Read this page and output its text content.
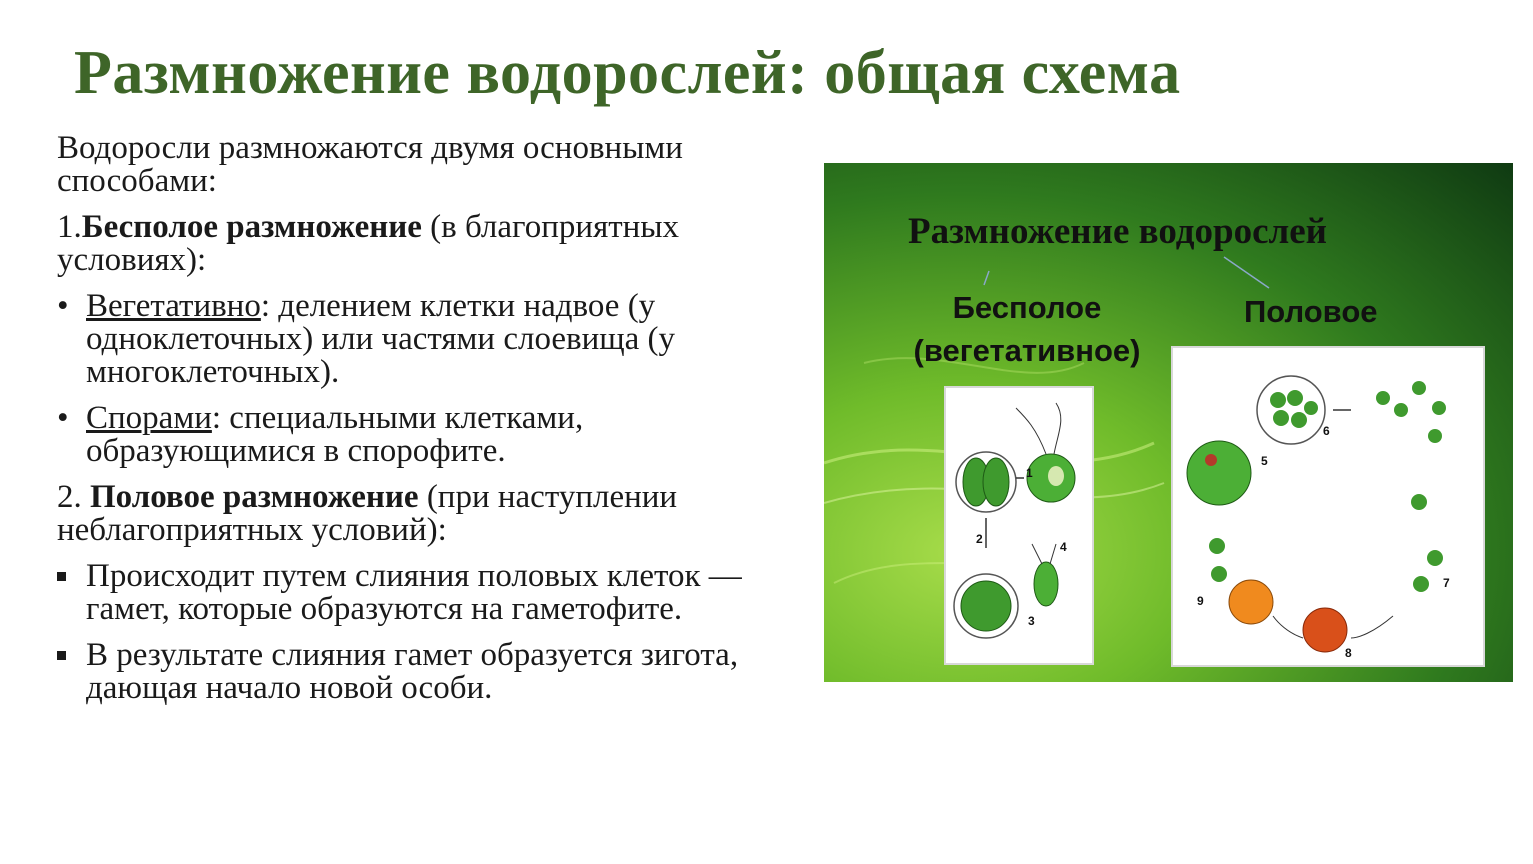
Размножение водорослей: общая схема

Водоросли размножаются двумя основными способами:

1.Бесполое размножение (в благоприятных условиях):

•
Вегетативно: делением клетки надвое (у одноклеточных) или частями слоевища (у многоклеточных).
•
Спорами: специальными клетками, образующимися в спорофите.

2. Половое размножение (при наступлении неблагоприятных условий):

Происходит путем слияния половых клеток — гамет, которые образуются на гаметофите.
В результате слияния гамет образуется зигота, дающая начало новой особи.
Размножение водорослей
Бесполое (вегетативное)
Половое
1
2
3
4
5
6
7
8
9
